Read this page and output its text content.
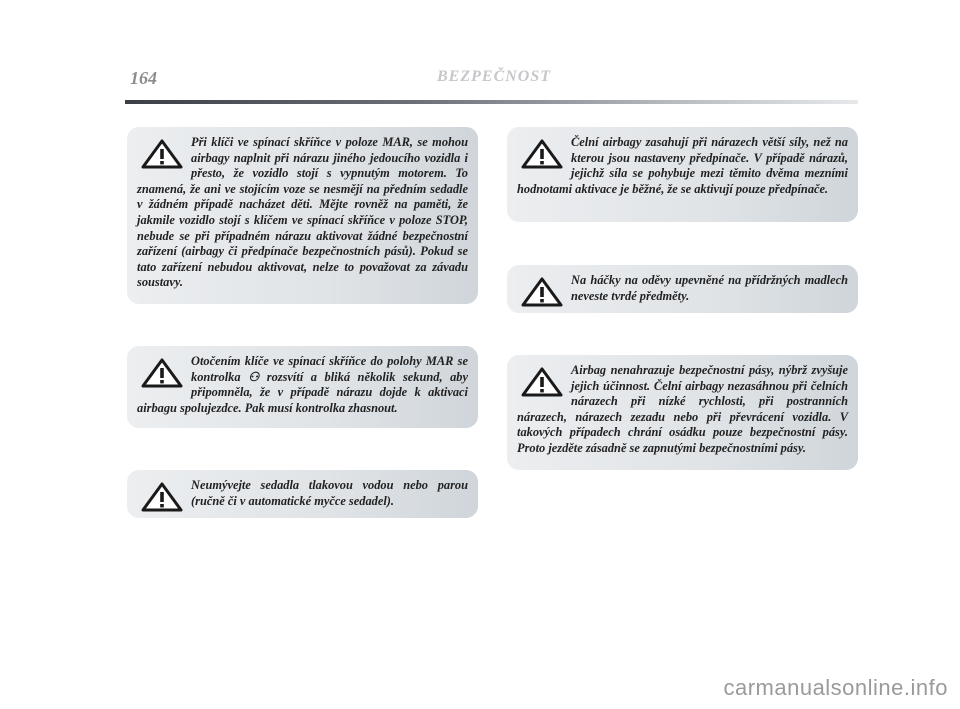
164	BEZPEČNOST

Při klíči ve spínací skříňce v poloze MAR, se mohou airbagy naplnit při nárazu jiného jedoucího vozidla i přesto, že vozidlo stojí s vypnutým motorem. To znamená, že ani ve stojícím voze se nesmějí na předním sedadle v žádném případě nacházet děti. Mějte rovněž na paměti, že jakmile vozidlo stojí s klíčem ve spínací skříňce v poloze STOP, nebude se při případném nárazu aktivovat žádné bezpečnostní zařízení (airbagy či předpínače bezpečnostních pásů). Pokud se tato zařízení nebudou aktivovat, nelze to považovat za závadu soustavy.

Otočením klíče ve spínací skříňce do polohy MAR se kontrolka ⚇ rozsvítí a bliká několik sekund, aby připomněla, že v případě nárazu dojde k aktivaci airbagu spolujezdce. Pak musí kontrolka zhasnout.

Neumývejte sedadla tlakovou vodou nebo parou (ručně či v automatické myčce sedadel).

Čelní airbagy zasahují při nárazech větší síly, než na kterou jsou nastaveny předpínače. V případě nárazů, jejichž síla se pohybuje mezi těmito dvěma mezními hodnotami aktivace je běžné, že se aktivují pouze předpínače.

Na háčky na oděvy upevněné na přídržných madlech neveste tvrdé předměty.

Airbag nenahrazuje bezpečnostní pásy, nýbrž zvyšuje jejich účinnost. Čelní airbagy nezasáhnou při čelních nárazech při nízké rychlosti, při postranních nárazech, nárazech zezadu nebo při převrácení vozidla. V takových případech chrání osádku pouze bezpečnostní pásy. Proto jezděte zásadně se zapnutými bezpečnostními pásy.

carmanualsonline.info
